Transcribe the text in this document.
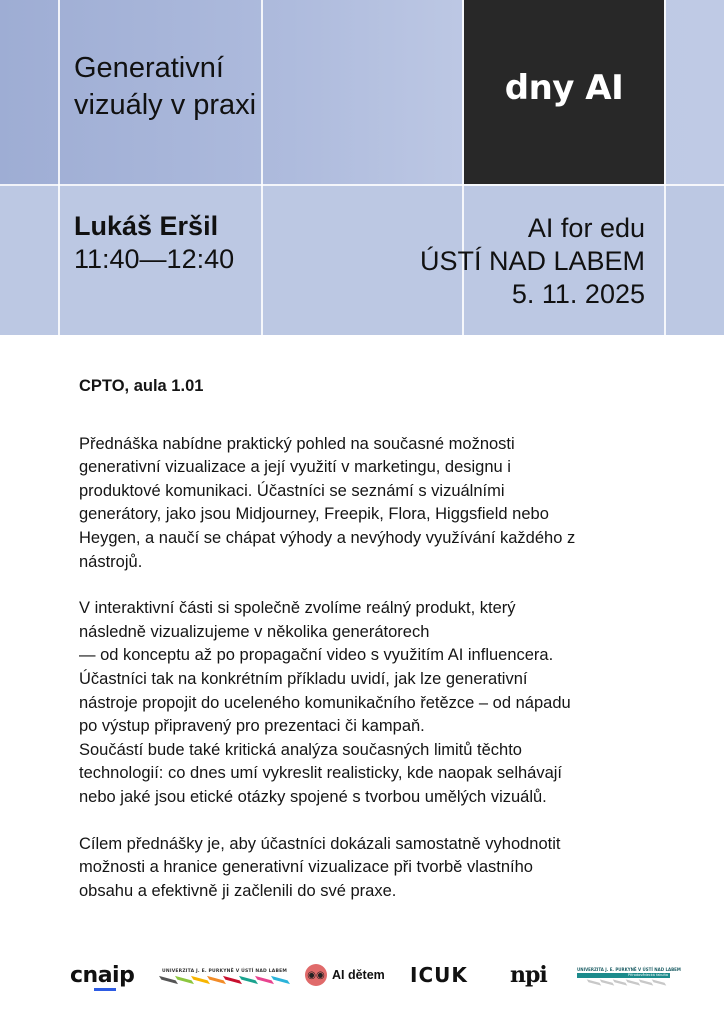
Generativní
vizuály v praxi	dny AI
Lukáš Eršil
11:40—12:40
AI for edu
ÚSTÍ NAD LABEM
5. 11. 2025
CPTO, aula 1.01

Přednáška nabídne praktický pohled na současné možnosti
generativní vizualizace a její využití v marketingu, designu i
produktové komunikaci. Účastníci se seznámí s vizuálními
generátory, jako jsou Midjourney, Freepik, Flora, Higgsfield nebo
Heygen, a naučí se chápat výhody a nevýhody využívání každého z
nástrojů.

V interaktivní části si společně zvolíme reálný produkt, který
následně vizualizujeme v několika generátorech
— od konceptu až po propagační video s využitím AI influencera.
Účastníci tak na konkrétním příkladu uvidí, jak lze generativní
nástroje propojit do uceleného komunikačního řetězce – od nápadu
po výstup připravený pro prezentaci či kampaň.
Součástí bude také kritická analýza současných limitů těchto
technologií: co dnes umí vykreslit realisticky, kde naopak selhávají
nebo jaké jsou etické otázky spojené s tvorbou umělých vizuálů.

Cílem přednášky je, aby účastníci dokázali samostatně vyhodnotit
možnosti a hranice generativní vizualizace při tvorbě vlastního
obsahu a efektivně ji začlenili do své praxe.

cnaip	UNIVERZITA J. E. PURKYNĚ V ÚSTÍ NAD LABEM ◉◉ AI dětem ICUK npi	UNIVERZITA J. E. PURKYNĚ V ÚSTÍ NAD LABEM
Přírodovědecká fakulta
